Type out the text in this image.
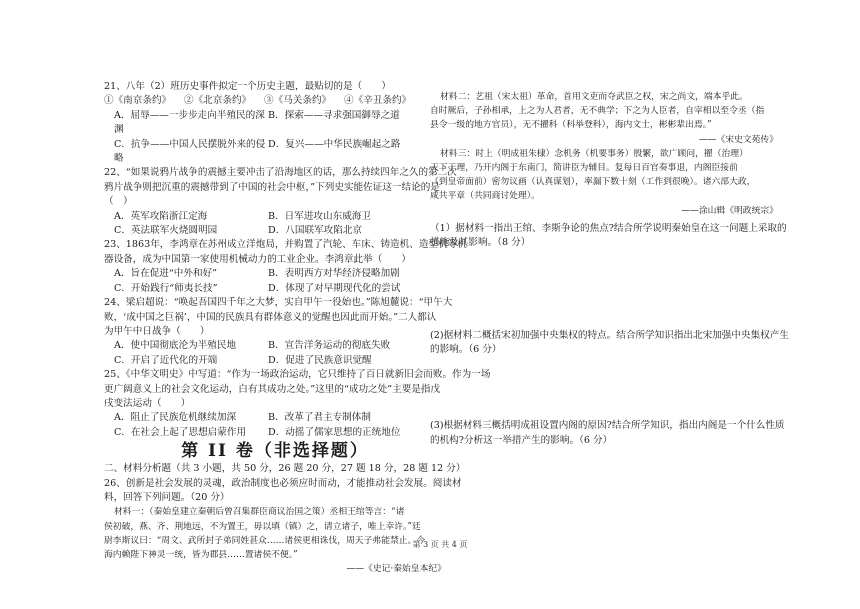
21、八年（2）班历史事件拟定一个历史主题，最贴切的是（　　）
①《南京条约》	②《北京条约》	③《马关条约》	④《辛丑条约》
A．屈辱——一步步走向半殖民的深渊
B．探索——寻求强国御辱之道
C．抗争——中国人民摆脱外来的侵略
D．复兴——中华民族崛起之路
22、“如果说鸦片战争的震撼主要冲击了沿海地区的话，那么持续四年之久的第二次
鸦片战争则把沉重的震撼带到了中国的社会中枢，”下列史实能佐证这一结论的是
（　）
A．英军攻陷浙江定海	B．日军进攻山东威海卫
C．英法联军火烧圆明园	D．八国联军攻陷北京
23、1863年，李鸿章在苏州成立洋炮局，并购置了汽轮、车床、铸造机、造型机等机
器设备，成为中国第一家使用机械动力的工业企业。李鸿章此举（　　）
A．旨在促进“中外和好”	B．表明西方对华经济侵略加剧
C．开始践行“师夷长技”	D．体现了对早期现代化的尝试
24、梁启超说：“唤起吾国四千年之大梦，实自甲午一役始也。”陈旭麓说：“甲午大
败，‘成中国之巨祸’，中国的民族具有群体意义的觉醒也因此而开始。”二人都认
为甲午中日战争（　　）
A．使中国彻底沦为半殖民地	B．宣告洋务运动的彻底失败
C．开启了近代化的开端	D．促进了民族意识觉醒
25、《中华文明史》中写道：“作为一场政治运动，它只维持了百日就新旧会而败。作为一场
更广阔意义上的社会文化运动，白有其成功之处。”这里的“成功之处”主要是指戊
戌变法运动（　　）
A．阻止了民族危机继续加深	B．改革了君主专制体制
C．在社会上起了思想启蒙作用	D．动摇了儒家思想的正统地位
第 II 卷（非选择题）
二、材料分析题（共 3 小题，共 50 分，26 题 20 分，27 题 18 分，28 题 12 分）
26、创新是社会发展的灵魂，政治制度也必须应时而动，才能推动社会发展。阅读材
料，回答下列问题。（20 分）
材料一：（秦始皇建立秦朝后曾召集群臣商议治国之策）丞相王绾等言：“诸
侯初破，燕、齐、荆地远，不为置王，毋以填（镇）之，请立诸子，唯上幸许。”廷
尉李斯议曰：“周文、武所封子弟同姓甚众……诸侯更相诛伐，周天子弗能禁止。今
海内赖陛下神灵一统，皆为郡县……置诸侯不便。”
——《史记·秦始皇本纪》
材料二：艺祖（宋太祖）革命，首用文吏而夺武臣之权，宋之尚文，端本乎此。
自时厥后，子孙相承，上之为人君者，无不典学；下之为人臣者，自宰相以至令丞（指
县令一级的地方官员），无不擢科（科举登科），海内文士，彬彬辈出焉。”
——《宋史文苑传》
材料三：时上（明成祖朱棣）念机务（机要事务）殷繁，欲广顾问，擢（治理）
天下于理，乃开内阁于东南门，简讲臣为辅目。复每日百官奏事退，内阁臣接前
（到皇帝面前）密勿议画（认真谋划），率漏下数十刻（工作到很晚）。诸六部大政，
咸共平章（共同商讨处理）。
——涂山辑《明政统宗》
（1）据材料一指出王绾、李斯争论的焦点?结合所学说明秦始皇在这一问题上采取的
措施及其影响。（8 分）
(2)据材料二概括宋初加强中央集权的特点。结合所学知识指出北宋加强中央集权产生
的影响。（6 分）
(3)根据材料三概括明成祖设置内阁的原因?结合所学知识，指出内阁是一个什么性质
的机构?分析这一举措产生的影响。（6 分）
第 3 页 共 4 页
